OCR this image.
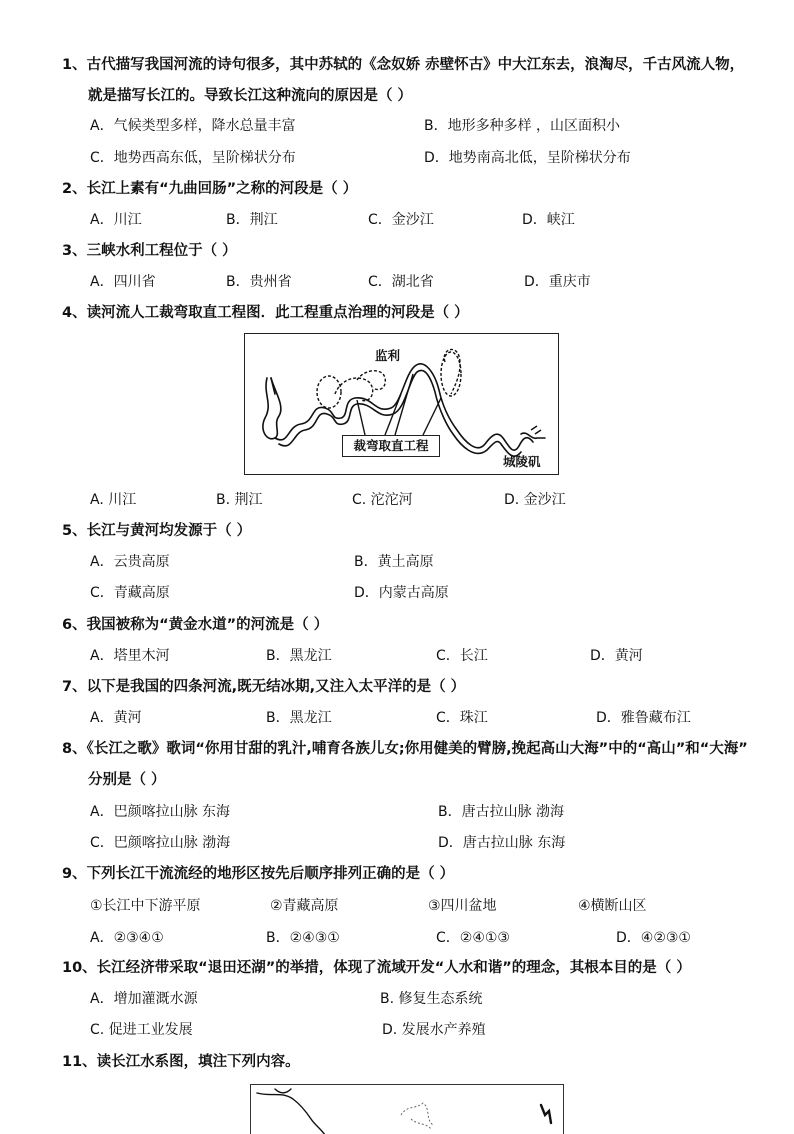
1、古代描写我国河流的诗句很多，其中苏轼的《念奴娇 赤壁怀古》中大江东去，浪淘尽，千古风流人物，
就是描写长江的。导致长江这种流向的原因是（ ）
A．气候类型多样，降水总量丰富	B．地形多种多样 ，山区面积小
C．地势西高东低，呈阶梯状分布	D．地势南高北低，呈阶梯状分布
2、长江上素有“九曲回肠”之称的河段是（ ）
A．川江	B．荆江	C．金沙江	D．峡江
3、三峡水利工程位于（ ）
A．四川省	B．贵州省	C．湖北省	D．重庆市
4、读河流人工裁弯取直工程图．此工程重点治理的河段是（ ）
监利
裁弯取直工程
城陵矶
A. 川江	B. 荆江	C. 沱沱河	D. 金沙江
5、长江与黄河均发源于（ ）
A．云贵高原	B．黄土高原
C．青藏高原	D．内蒙古高原
6、我国被称为“黄金水道”的河流是（ ）
A．塔里木河	B．黑龙江	C．长江	D．黄河
7、以下是我国的四条河流,既无结冰期,又注入太平洋的是（ ）
A．黄河	B．黑龙江	C．珠江	D．雅鲁藏布江
8、《长江之歌》歌词“你用甘甜的乳汁,哺育各族儿女;你用健美的臂膀,挽起高山大海”中的“高山”和“大海”
分别是（ ）
A．巴颜喀拉山脉 东海	B．唐古拉山脉 渤海
C．巴颜喀拉山脉 渤海	D．唐古拉山脉 东海
9、下列长江干流流经的地形区按先后顺序排列正确的是（ ）
①长江中下游平原	②青藏高原	③四川盆地	④横断山区
A．②③④①	B．②④③①	C．②④①③	D．④②③①
10、长江经济带采取“退田还湖”的举措，体现了流域开发“人水和谐”的理念，其根本目的是（ ）
A．增加灌溉水源	B. 修复生态系统
C. 促进工业发展	D. 发展水产养殖
11、读长江水系图，填注下列内容。
